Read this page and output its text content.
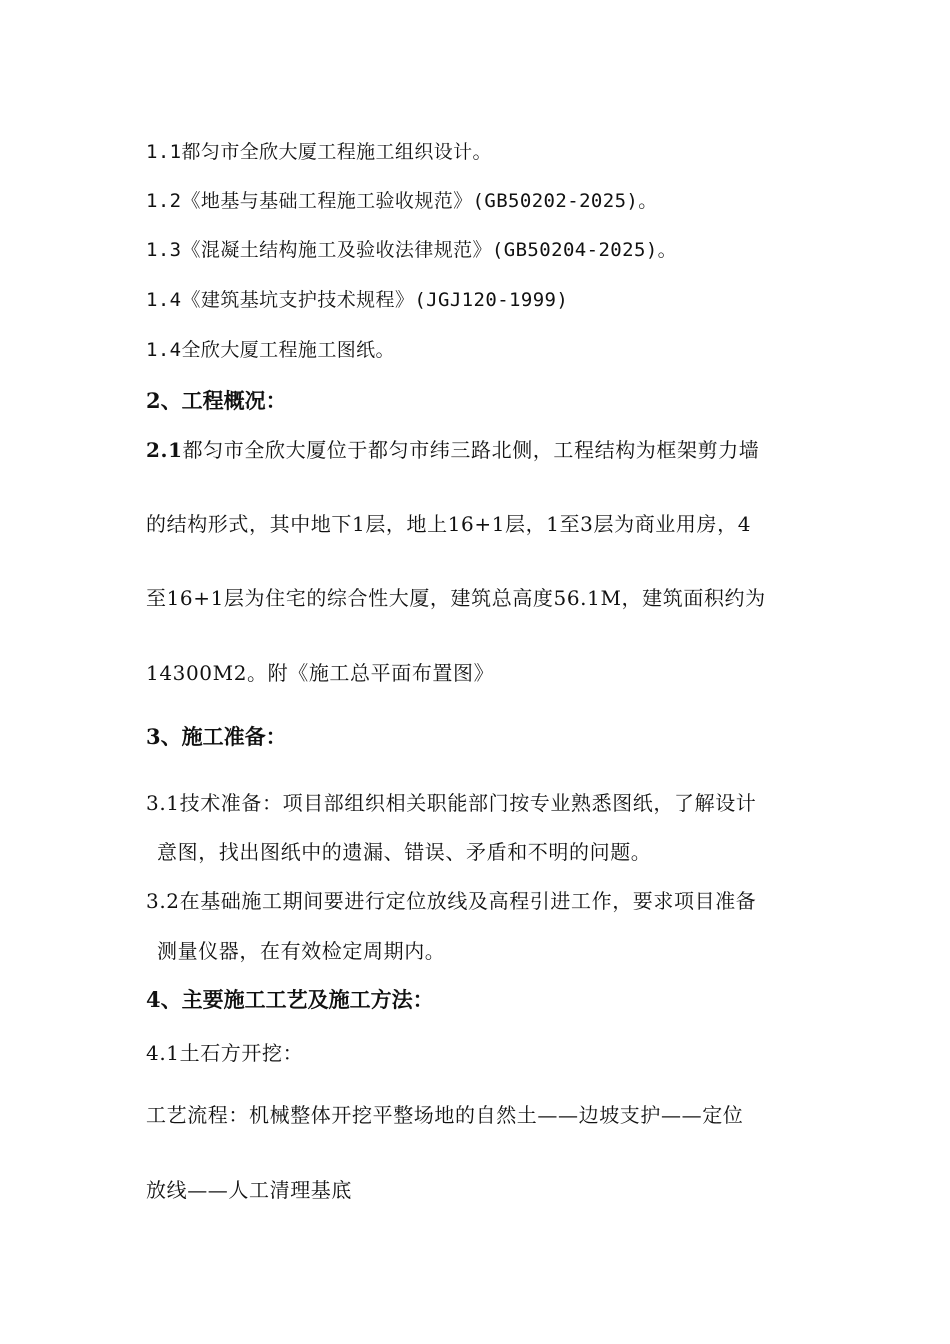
1.1都匀市全欣大厦工程施工组织设计。
1.2《地基与基础工程施工验收规范》(GB50202-2025)。
1.3《混凝土结构施工及验收法律规范》(GB50204-2025)。
1.4《建筑基坑支护技术规程》(JGJ120-1999)
1.4全欣大厦工程施工图纸。
2、工程概况：
2.1都匀市全欣大厦位于都匀市纬三路北侧，工程结构为框架剪力墙
的结构形式，其中地下1层，地上16+1层，1至3层为商业用房，4
至16+1层为住宅的综合性大厦，建筑总高度56.1M，建筑面积约为
14300M2。附《施工总平面布置图》
3、施工准备：
3.1技术准备：项目部组织相关职能部门按专业熟悉图纸，了解设计
意图，找出图纸中的遗漏、错误、矛盾和不明的问题。
3.2在基础施工期间要进行定位放线及高程引进工作，要求项目准备
测量仪器，在有效检定周期内。
4、主要施工工艺及施工方法：
4.1土石方开挖：
工艺流程：机械整体开挖平整场地的自然土——边坡支护——定位
放线——人工清理基底
